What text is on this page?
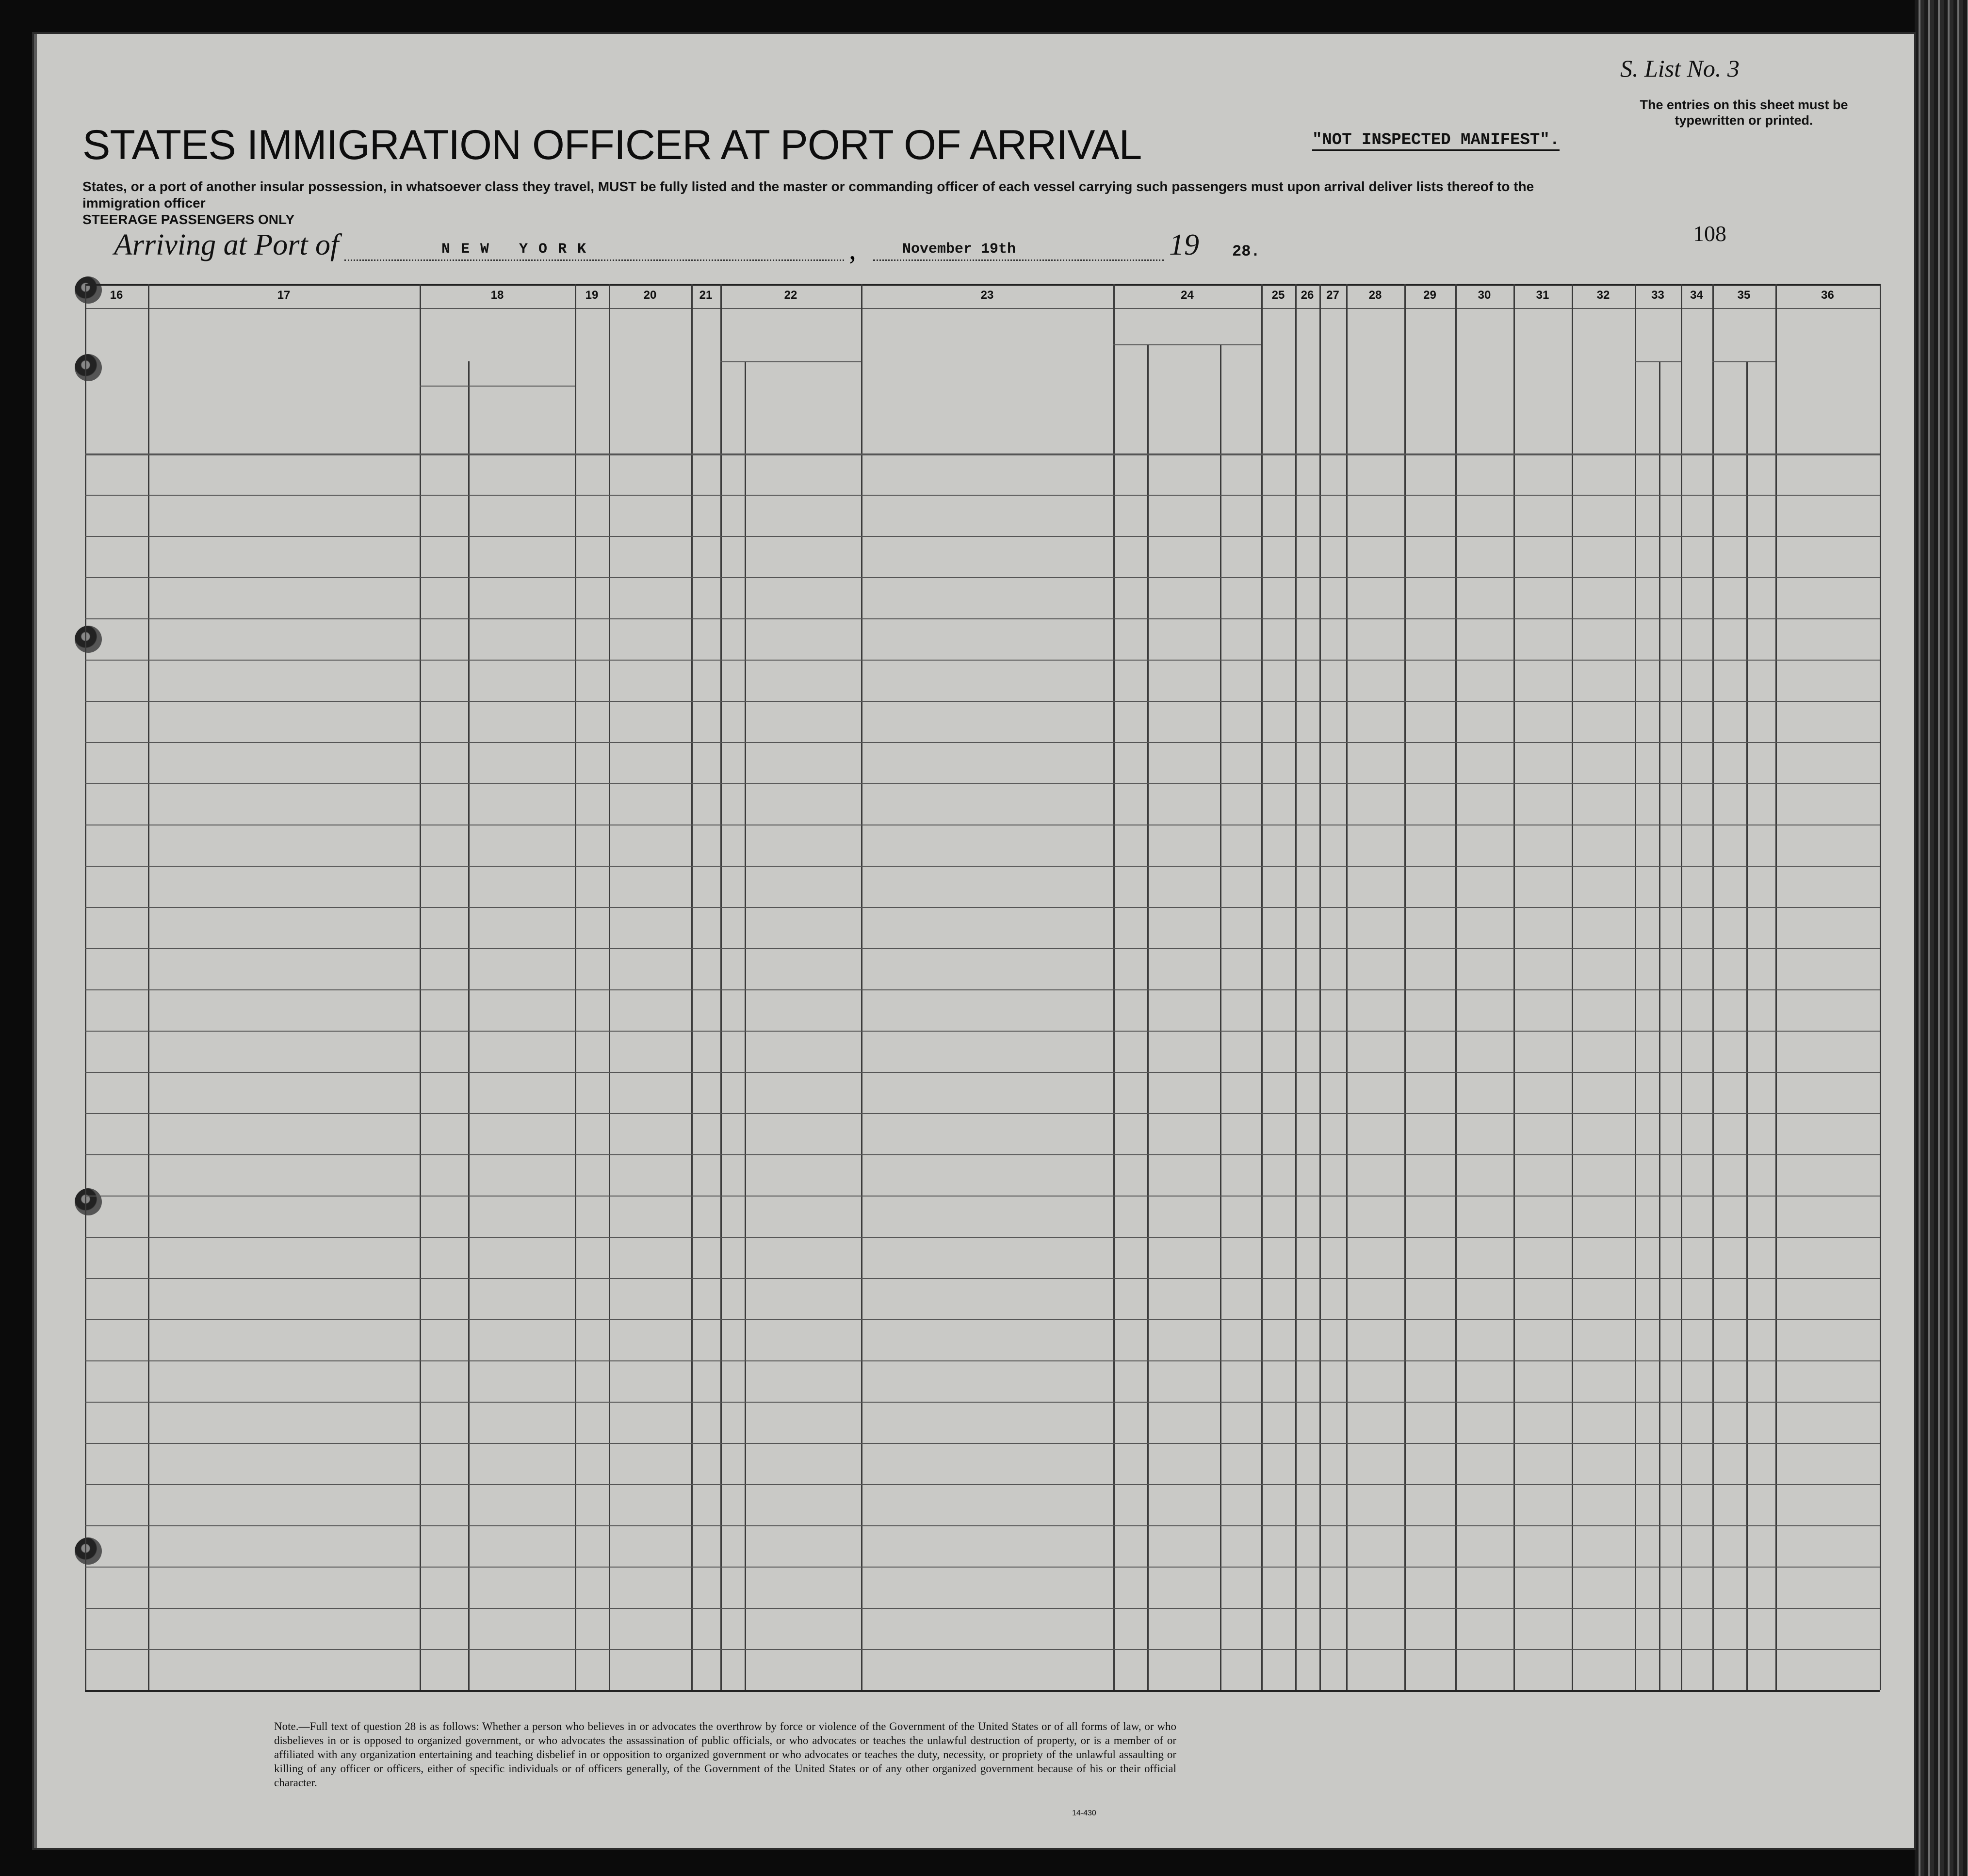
S. List No. 3
The entries on this sheet must be typewritten or printed.
STATES IMMIGRATION OFFICER AT PORT OF ARRIVAL	"NOT INSPECTED MANIFEST".
States, or a port of another insular possession, in whatsoever class they travel, MUST be fully listed and the master or commanding officer of each vessel carrying such passengers must upon arrival deliver lists thereof to the immigration officer
STEERAGE PASSENGERS ONLY
Arriving at Port of	NEW YORK	,	November 19th	19 28.
108
16	17	18	19	20	21	22	23	24	25	26	27	28	29	30	31	32	33	34	35	36
Note.—Full text of question 28 is as follows: Whether a person who believes in or advocates the overthrow by force or violence of the Government of the United States or of all forms of law, or who disbelieves in or is opposed to organized government, or who advocates the assassination of public officials, or who advocates or teaches the unlawful destruction of property, or is a member of or affiliated with any organization entertaining and teaching disbelief in or opposition to organized government or who advocates or teaches the duty, necessity, or propriety of the unlawful assaulting or killing of any officer or officers, either of specific individuals or of officers generally, of the Government of the United States or of any other organized government because of his or their official character.
14-430
